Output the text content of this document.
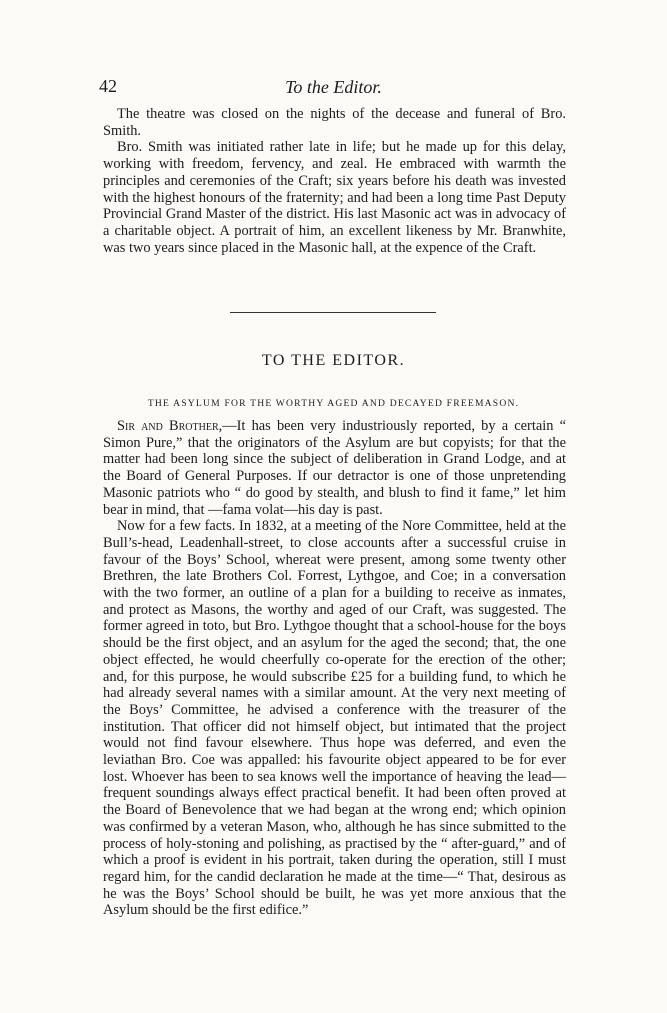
42	To the Editor.

The theatre was closed on the nights of the decease and funeral of Bro. Smith.

Bro. Smith was initiated rather late in life; but he made up for this delay, working with freedom, fervency, and zeal. He embraced with warmth the principles and ceremonies of the Craft; six years before his death was invested with the highest honours of the fraternity; and had been a long time Past Deputy Provincial Grand Master of the district. His last Masonic act was in advocacy of a charitable object. A portrait of him, an excellent likeness by Mr. Branwhite, was two years since placed in the Masonic hall, at the expence of the Craft.

TO THE EDITOR.
THE ASYLUM FOR THE WORTHY AGED AND DECAYED FREEMASON.

Sir and Brother,—It has been very industriously reported, by a certain “ Simon Pure,” that the originators of the Asylum are but copyists; for that the matter had been long since the subject of deliberation in Grand Lodge, and at the Board of General Purposes. If our detractor is one of those unpretending Masonic patriots who “ do good by stealth, and blush to find it fame,” let him bear in mind, that —fama volat—his day is past.

Now for a few facts. In 1832, at a meeting of the Nore Committee, held at the Bull’s-head, Leadenhall-street, to close accounts after a successful cruise in favour of the Boys’ School, whereat were present, among some twenty other Brethren, the late Brothers Col. Forrest, Lythgoe, and Coe; in a conversation with the two former, an outline of a plan for a building to receive as inmates, and protect as Masons, the worthy and aged of our Craft, was suggested. The former agreed in toto, but Bro. Lythgoe thought that a school-house for the boys should be the first object, and an asylum for the aged the second; that, the one object effected, he would cheerfully co-operate for the erection of the other; and, for this purpose, he would subscribe £25 for a building fund, to which he had already several names with a similar amount. At the very next meeting of the Boys’ Committee, he advised a conference with the treasurer of the institution. That officer did not himself object, but intimated that the project would not find favour elsewhere. Thus hope was deferred, and even the leviathan Bro. Coe was appalled: his favourite object appeared to be for ever lost. Whoever has been to sea knows well the importance of heaving the lead—frequent soundings always effect practical benefit. It had been often proved at the Board of Benevolence that we had began at the wrong end; which opinion was confirmed by a veteran Mason, who, although he has since submitted to the process of holy-stoning and polishing, as practised by the “ after-guard,” and of which a proof is evident in his portrait, taken during the operation, still I must regard him, for the candid declaration he made at the time—“ That, desirous as he was the Boys’ School should be built, he was yet more anxious that the Asylum should be the first edifice.”
